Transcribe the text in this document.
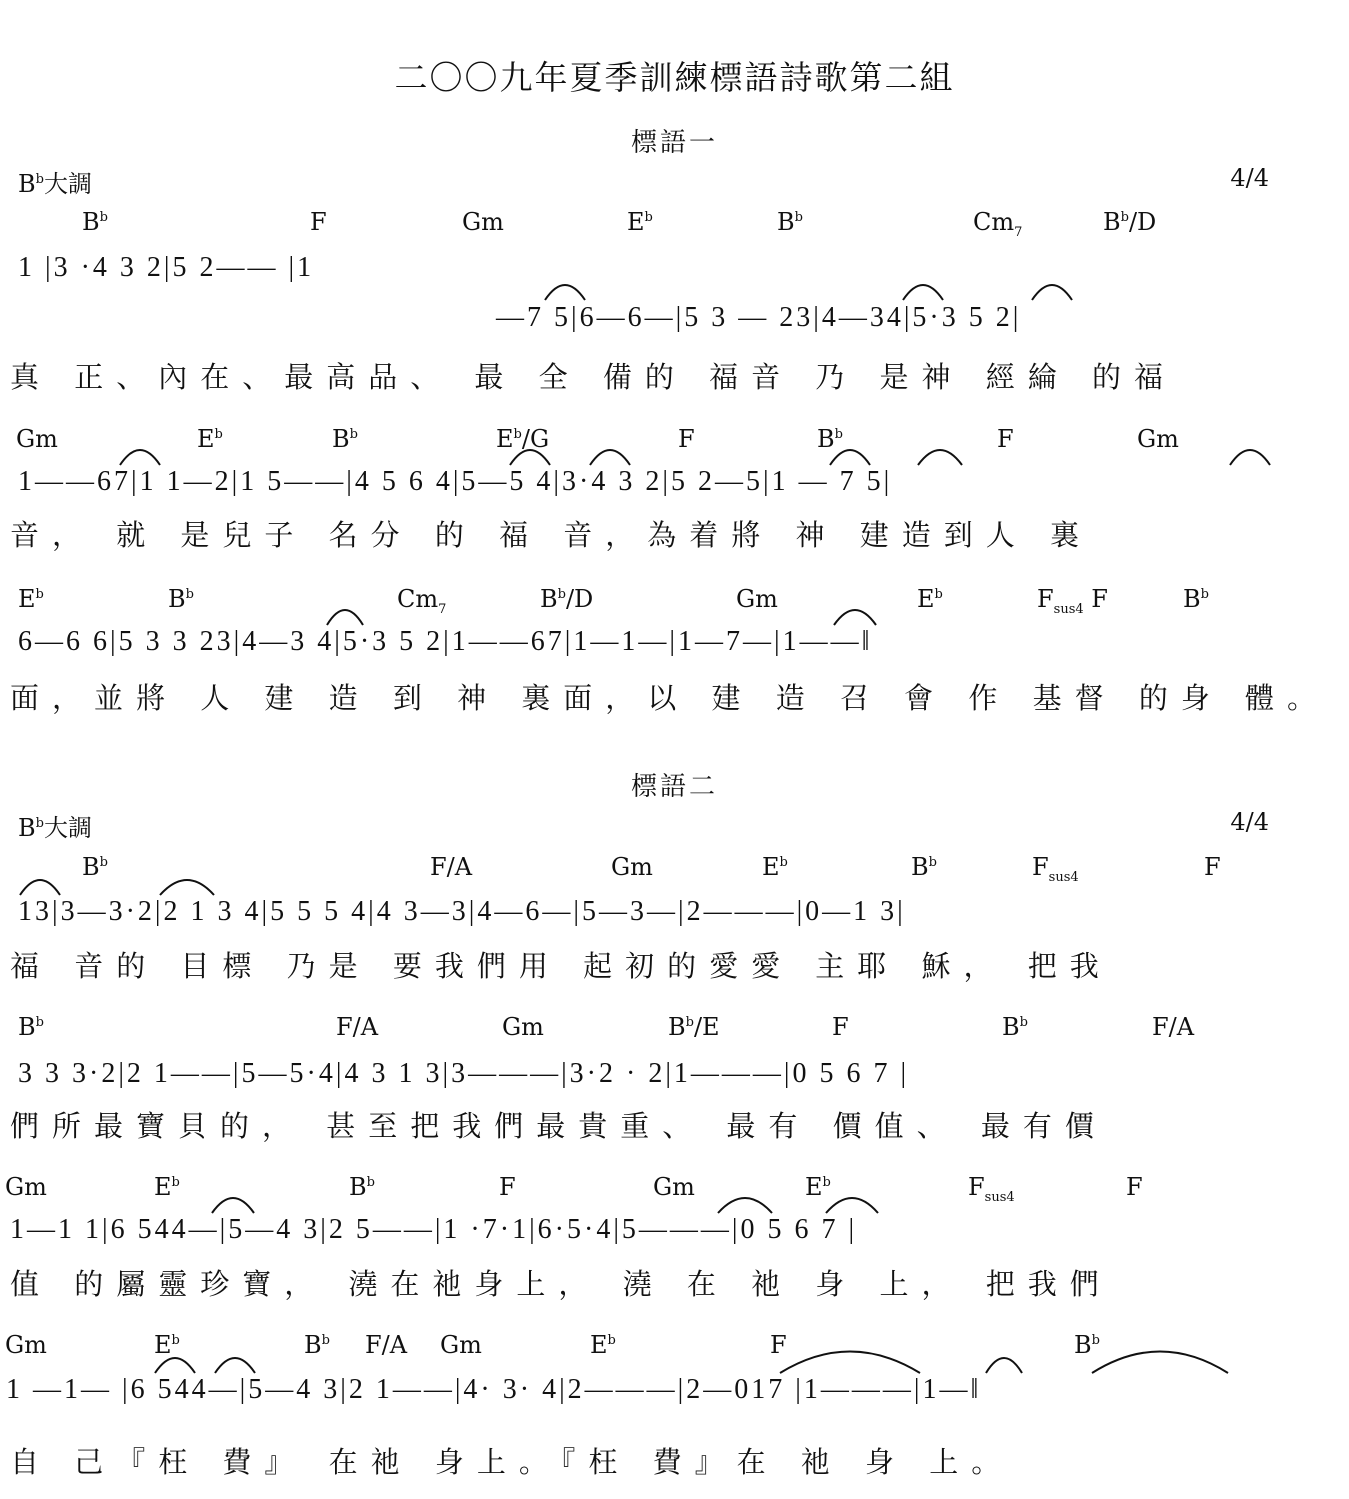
二〇〇九年夏季訓練標語詩歌第二組
標語一
$B^b$大調	4/4
1 |3 ·4 3 2|5 2—— |1
—7 5|6—6—|5 3 — 23|4—34|5·3 5 2|
真 正、內在、最高品、 最 全 備的 福音 乃 是神 經綸 的福
1——67|1 1—2|1 5——|4 5 6 4|5—5 4|3·4 3 2|5 2—5|1 — 7 5|
音， 就 是兒子 名分 的 福 音，為着將 神 建造到人 裏
6—6 6|5 3 3 23|4—3 4|5·3 5 2|1——67|1—1—|1—7—|1——‖
面，並將 人 建 造 到 神 裏面，以 建 造 召 會 作 基督 的身 體。
標語二
$B^b$大調	4/4
13|3—3·2|2 1 3 4|5 5 5 4|4 3—3|4—6—|5—3—|2———|0—1 3|
福 音的 目標 乃是 要我們用 起初的愛愛 主耶 穌， 把我
3 3 3·2|2 1——|5—5·4|4 3 1 3|3———|3·2 · 2|1———|0 5 6 7 |
們所最寶貝的， 甚至把我們最貴重、 最有 價值、 最有價
1—1 1|6 544—|5—4 3|2 5——|1 ·7·1|6·5·4|5———|0 5 6 7 |
值 的屬靈珍寶， 澆在祂身上， 澆 在 祂 身 上， 把我們
1 —1— |6 544—|5—4 3|2 1——|4· 3· 4|2———|2—017 |1———|1—‖
自 己『枉 費』 在祂 身上。『枉 費』在 祂 身 上。
$B^b$	F	Gm	$E^b$	$B^b$	$Cm_7$	$B^b/D$
Gm	$E^b$	$B^b$	$E^b/G$	F	$B^b$	F	Gm
$E^b$	$B^b$	$Cm_7$	$B^b/D$	Gm	$E^b$	$F_{sus4}$ F	$B^b$
$B^b$	F/A	Gm	$E^b$	$B^b$	$F_{sus4}$	F
$B^b$	F/A	Gm	$B^b/E$	F	$B^b$	F/A
Gm	$E^b$	$B^b$	F	Gm	$E^b$	$F_{sus4}$	F
Gm	$E^b$	$B^b$ F/A Gm	$E^b$	F	$B^b$
